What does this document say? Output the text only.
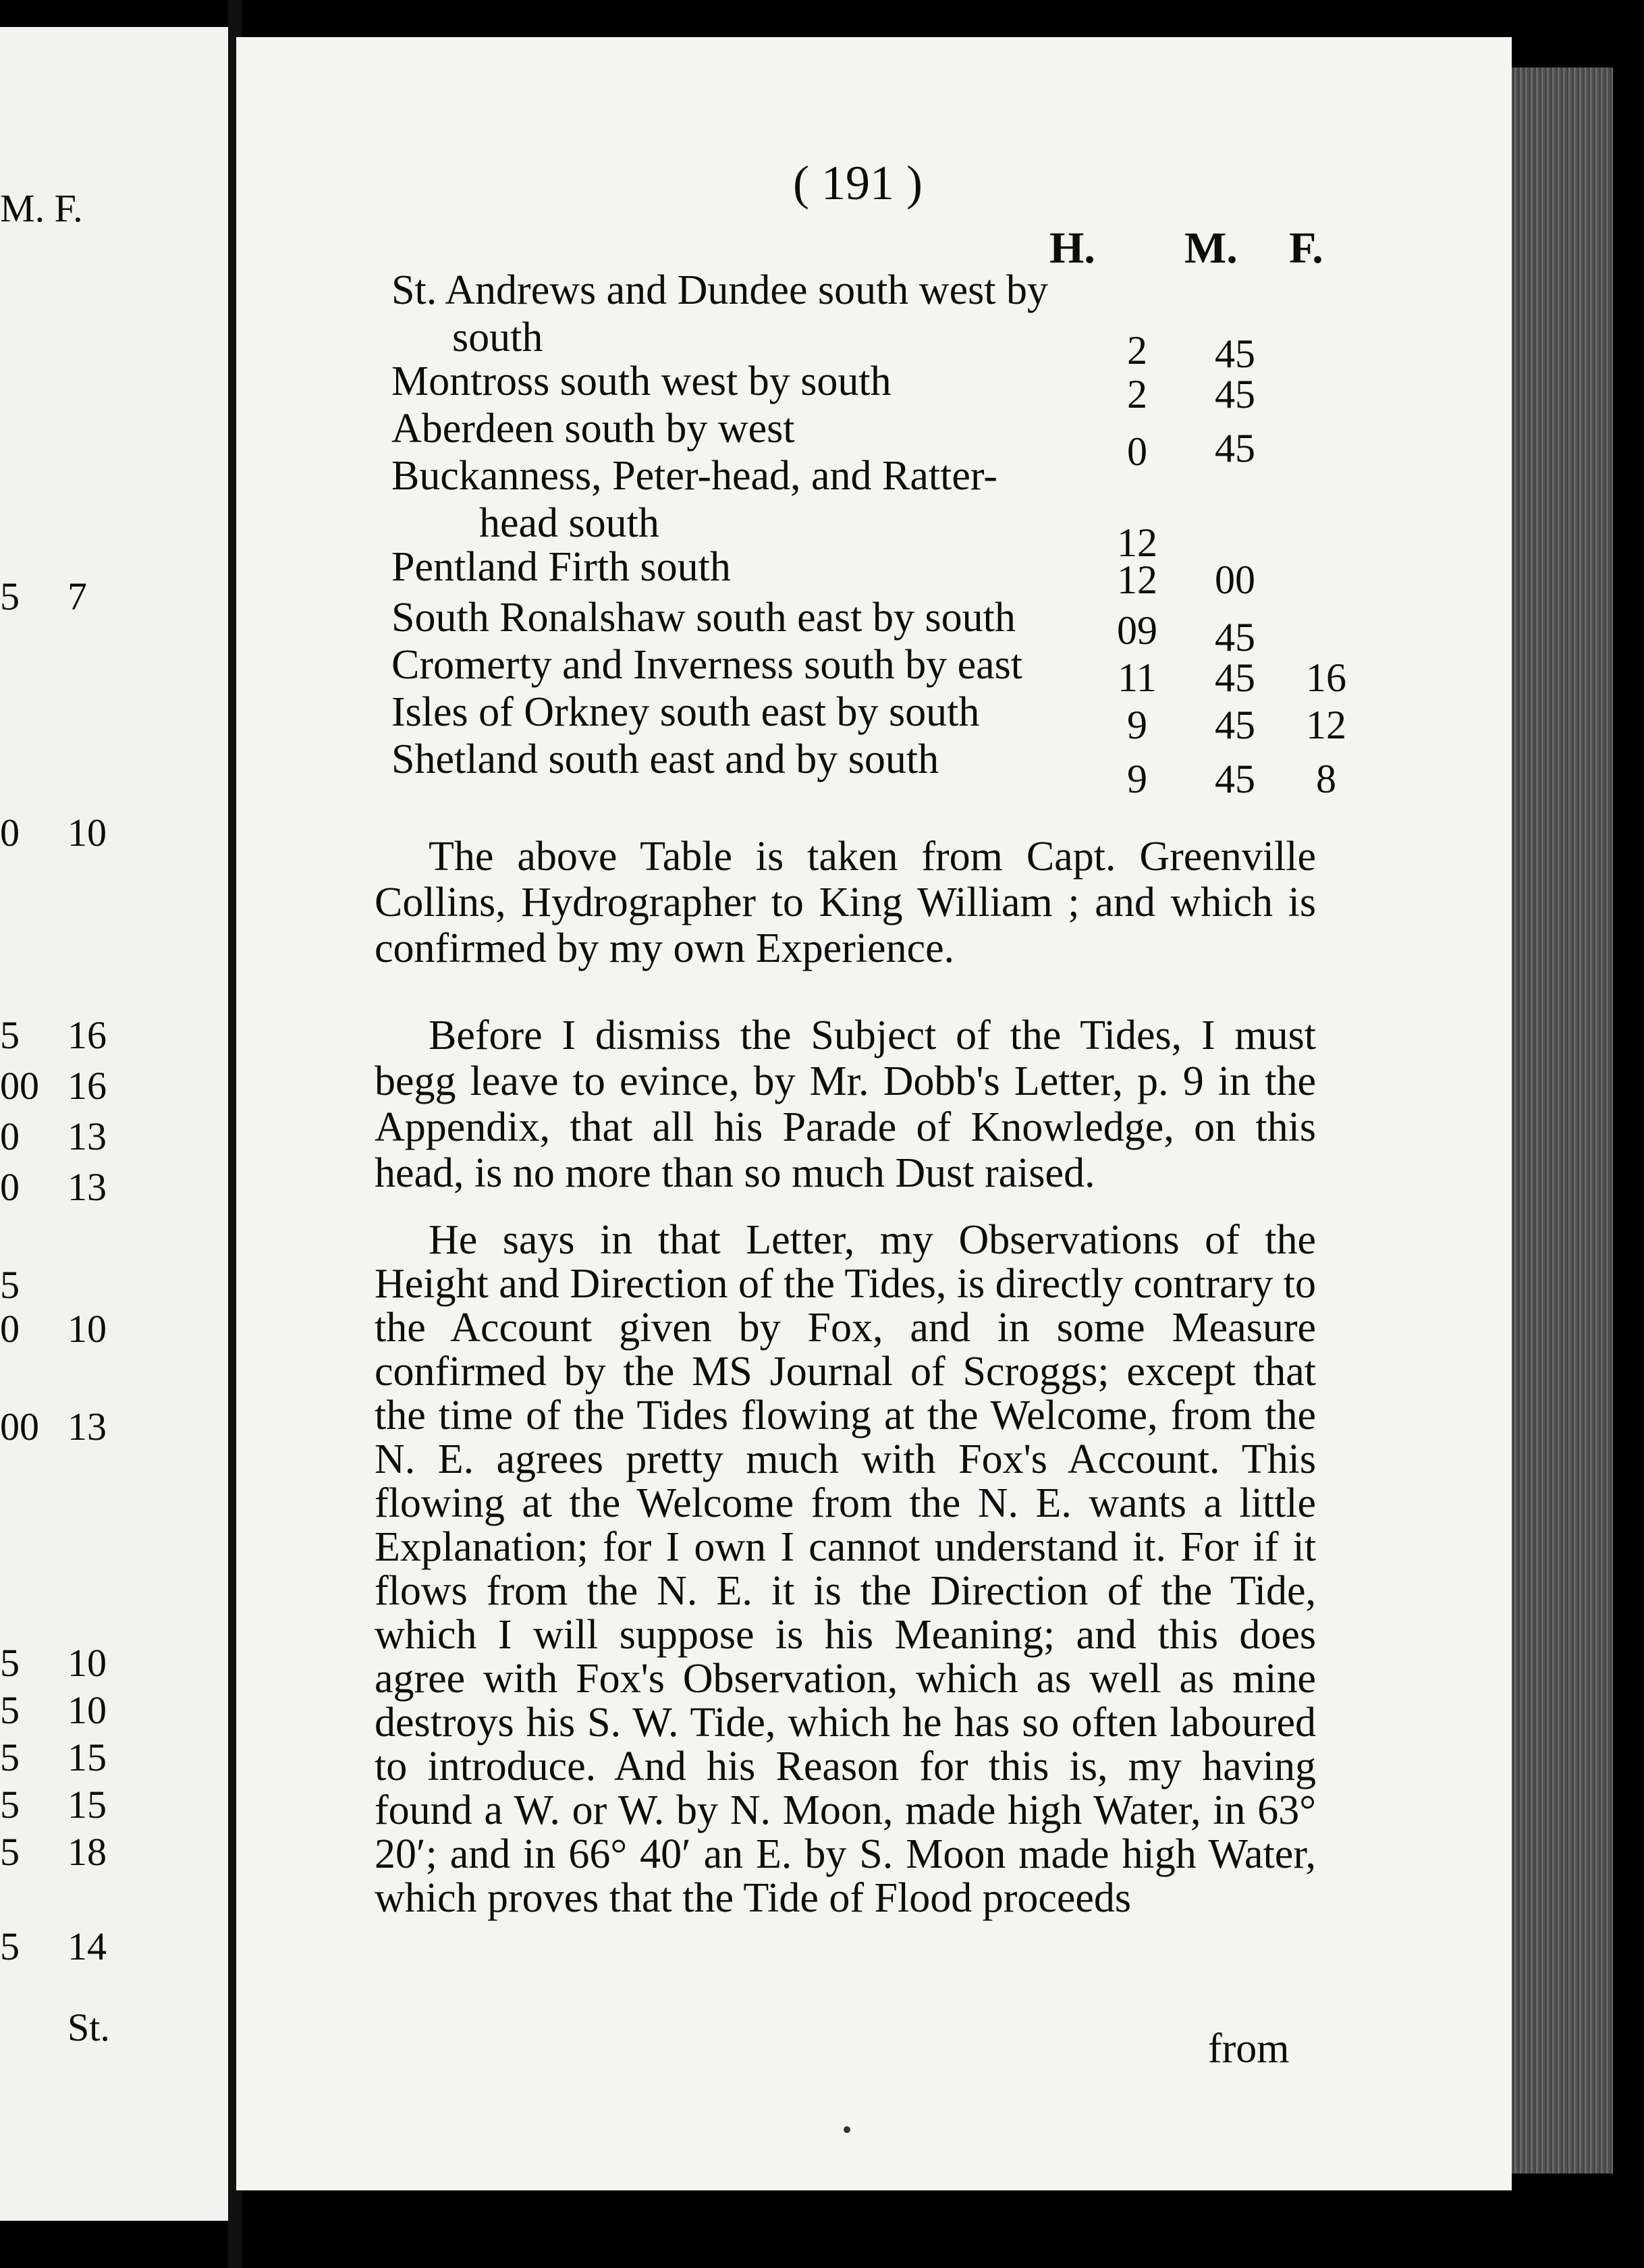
M. F.
5 7
0 10
5 16
00 16
0 13
0 13
5
0 10
00 13
5 10
5 10
5 15
5 15
5 18
5 14
St.
( 191 )
H. M. F.
St. Andrews and Dundee south west by
south	2	45
Montross south west by south	2	45
Aberdeen south by west	0	45
Buckanness, Peter-head, and Ratter-
head south	12
Pentland Firth south	12	00
South Ronalshaw south east by south	09	45
Cromerty and Inverness south by east	11	45	16
Isles of Orkney south east by south	9	45	12
Shetland south east and by south	9	45	8

The above Table is taken from Capt. Greenville Collins, Hydrographer to King William ; and which is confirmed by my own Experience.

Before I dismiss the Subject of the Tides, I must begg leave to evince, by Mr. Dobb's Letter, p. 9 in the Appendix, that all his Parade of Knowledge, on this head, is no more than so much Dust raised.

He says in that Letter, my Observations of the Height and Direction of the Tides, is directly contrary to the Account given by Fox, and in some Measure confirmed by the MS Journal of Scroggs; except that the time of the Tides flowing at the Welcome, from the N. E. agrees pretty much with Fox's Account. This flowing at the Welcome from the N. E. wants a little Explanation; for I own I cannot understand it. For if it flows from the N. E. it is the Direction of the Tide, which I will suppose is his Meaning; and this does agree with Fox's Observation, which as well as mine destroys his S. W. Tide, which he has so often laboured to introduce. And his Reason for this is, my having found a W. or W. by N. Moon, made high Water, in 63° 20′; and in 66° 40′ an E. by S. Moon made high Water, which proves that the Tide of Flood proceeds

from
